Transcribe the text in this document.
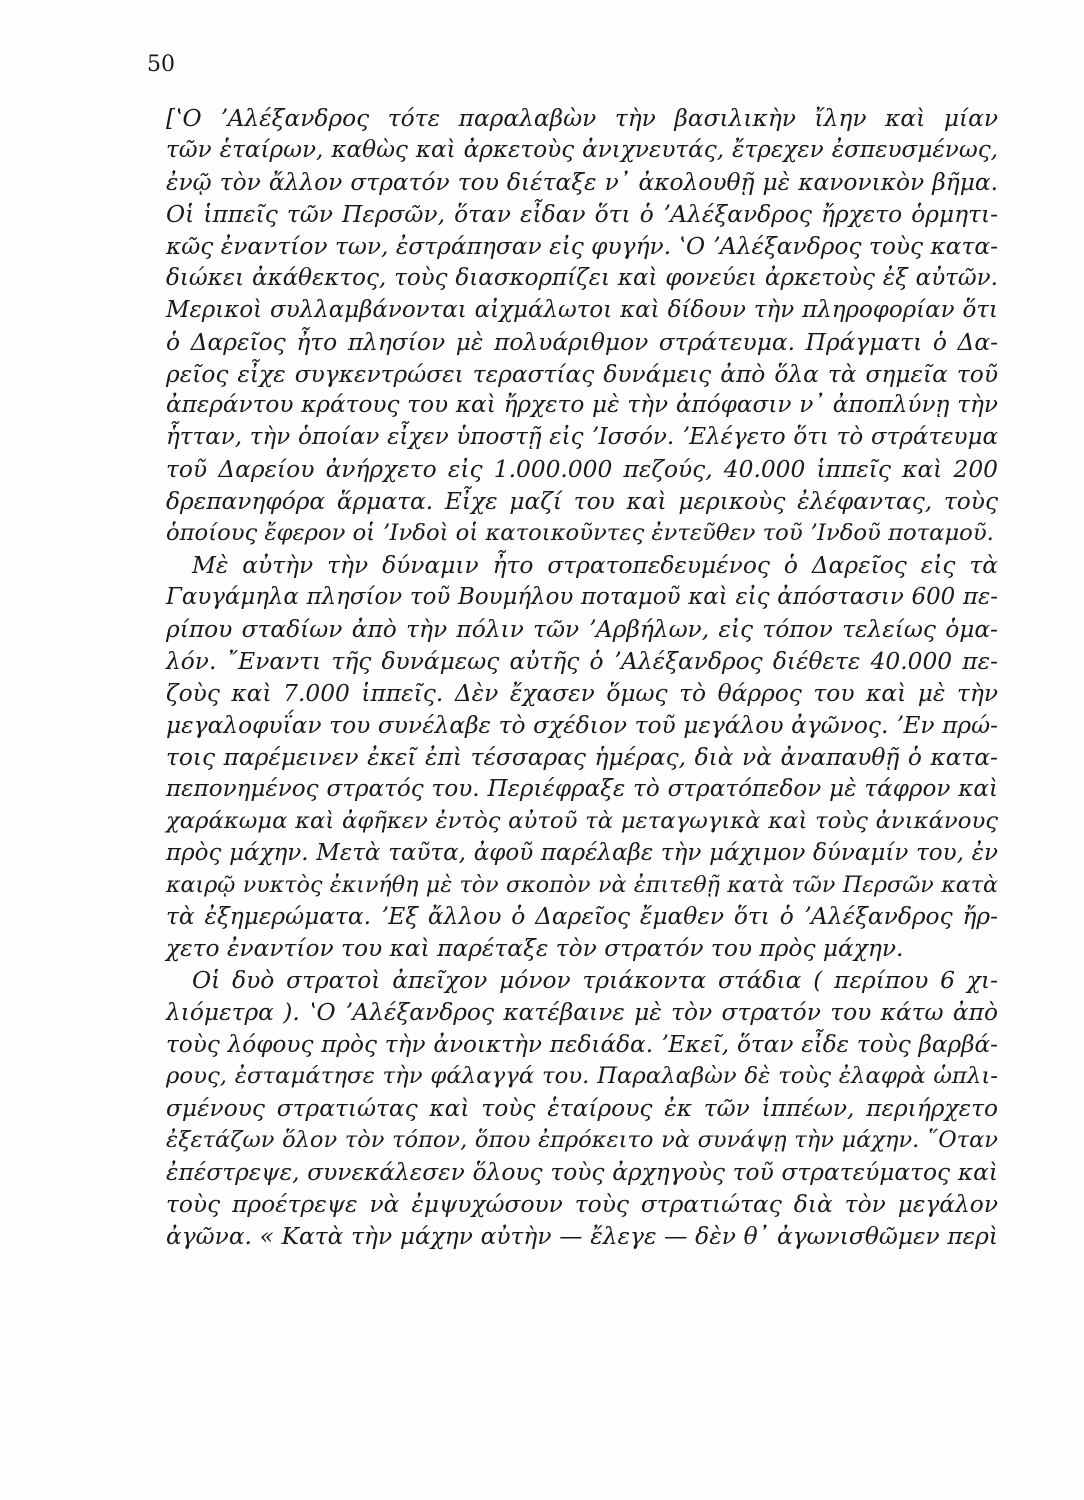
50
[ʽΟ ʼΑλέξανδρος τότε παραλαβὼν τὴν βασιλικὴν ἴλην καὶ μίαν
τῶν ἑταίρων, καθὼς καὶ ἀρκετοὺς ἀνιχνευτάς, ἔτρεχεν ἐσπευσμένως,
ἐνῷ τὸν ἄλλον στρατόν του διέταξε ν᾽ ἀκολουθῇ μὲ κανονικὸν βῆμα.
Οἱ ἱππεῖς τῶν Περσῶν, ὅταν εἶδαν ὅτι ὁ ʼΑλέξανδρος ἤρχετο ὁρμητι-
κῶς ἐναντίον των, ἐστράπησαν εἰς φυγήν. ʽΟ ʼΑλέξανδρος τοὺς κατα-
διώκει ἀκάθεκτος, τοὺς διασκορπίζει καὶ φονεύει ἀρκετοὺς ἐξ αὐτῶν.
Μερικοὶ συλλαμβάνονται αἰχμάλωτοι καὶ δίδουν τὴν πληροφορίαν ὅτι
ὁ Δαρεῖος ἦτο πλησίον μὲ πολυάριθμον στράτευμα. Πράγματι ὁ Δα-
ρεῖος εἶχε συγκεντρώσει τεραστίας δυνάμεις ἀπὸ ὅλα τὰ σημεῖα τοῦ
ἀπεράντου κράτους του καὶ ἤρχετο μὲ τὴν ἀπόφασιν ν᾽ ἀποπλύνῃ τὴν
ἧτταν, τὴν ὁποίαν εἶχεν ὑποστῇ εἰς ʼΙσσόν. ʼΕλέγετο ὅτι τὸ στράτευμα
τοῦ Δαρείου ἀνήρχετο εἰς 1.000.000 πεζούς, 40.000 ἱππεῖς καὶ 200
δρεπανηφόρα ἅρματα. Εἶχε μαζί του καὶ μερικοὺς ἐλέφαντας, τοὺς
ὁποίους ἔφερον οἱ ʼΙνδοὶ οἱ κατοικοῦντες ἐντεῦθεν τοῦ ʼΙνδοῦ ποταμοῦ.
Μὲ αὐτὴν τὴν δύναμιν ἦτο στρατοπεδευμένος ὁ Δαρεῖος εἰς τὰ
Γαυγάμηλα πλησίον τοῦ Βουμήλου ποταμοῦ καὶ εἰς ἀπόστασιν 600 πε-
ρίπου σταδίων ἀπὸ τὴν πόλιν τῶν ʼΑρβήλων, εἰς τόπον τελείως ὁμα-
λόν. ῎Εναντι τῆς δυνάμεως αὐτῆς ὁ ʼΑλέξανδρος διέθετε 40.000 πε-
ζοὺς καὶ 7.000 ἱππεῖς. Δὲν ἔχασεν ὅμως τὸ θάρρος του καὶ μὲ τὴν
μεγαλοφυΐαν του συνέλαβε τὸ σχέδιον τοῦ μεγάλου ἀγῶνος. ʼΕν πρώ-
τοις παρέμεινεν ἐκεῖ ἐπὶ τέσσαρας ἡμέρας, διὰ νὰ ἀναπαυθῇ ὁ κατα-
πεπονημένος στρατός του. Περιέφραξε τὸ στρατόπεδον μὲ τάφρον καὶ
χαράκωμα καὶ ἀφῆκεν ἐντὸς αὐτοῦ τὰ μεταγωγικὰ καὶ τοὺς ἀνικάνους
πρὸς μάχην. Μετὰ ταῦτα, ἀφοῦ παρέλαβε τὴν μάχιμον δύναμίν του, ἐν
καιρῷ νυκτὸς ἐκινήθη μὲ τὸν σκοπὸν νὰ ἐπιτεθῇ κατὰ τῶν Περσῶν κατὰ
τὰ ἐξημερώματα. ʼΕξ ἄλλου ὁ Δαρεῖος ἔμαθεν ὅτι ὁ ʼΑλέξανδρος ἤρ-
χετο ἐναντίον του καὶ παρέταξε τὸν στρατόν του πρὸς μάχην.
Οἱ δυὸ στρατοὶ ἀπεῖχον μόνον τριάκοντα στάδια ( περίπου 6 χι-
λιόμετρα ). ʽΟ ʼΑλέξανδρος κατέβαινε μὲ τὸν στρατόν του κάτω ἀπὸ
τοὺς λόφους πρὸς τὴν ἀνοικτὴν πεδιάδα. ʼΕκεῖ, ὅταν εἶδε τοὺς βαρβά-
ρους, ἐσταμάτησε τὴν φάλαγγά του. Παραλαβὼν δὲ τοὺς ἐλαφρὰ ὡπλι-
σμένους στρατιώτας καὶ τοὺς ἑταίρους ἐκ τῶν ἱππέων, περιήρχετο
ἐξετάζων ὅλον τὸν τόπον, ὅπου ἐπρόκειτο νὰ συνάψῃ τὴν μάχην. ῞Οταν
ἐπέστρεψε, συνεκάλεσεν ὅλους τοὺς ἀρχηγοὺς τοῦ στρατεύματος καὶ
τοὺς προέτρεψε νὰ ἐμψυχώσουν τοὺς στρατιώτας διὰ τὸν μεγάλον
ἀγῶνα. « Κατὰ τὴν μάχην αὐτὴν — ἔλεγε — δὲν θ᾽ ἀγωνισθῶμεν περὶ
